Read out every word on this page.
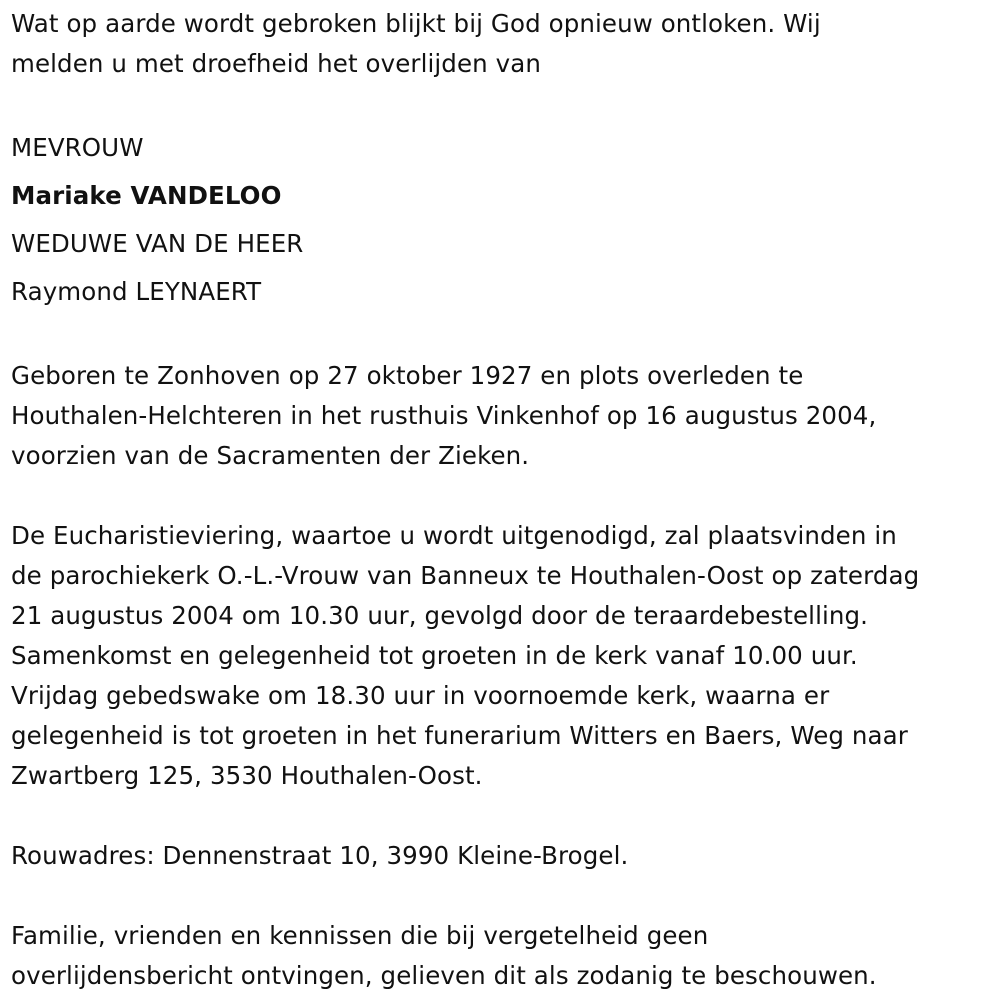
Wat op aarde wordt gebroken blijkt bij God opnieuw ontloken. Wij
melden u met droefheid het overlijden van

MEVROUW
Mariake VANDELOO
WEDUWE VAN DE HEER
Raymond LEYNAERT

Geboren te Zonhoven op 27 oktober 1927 en plots overleden te
Houthalen-Helchteren in het rusthuis Vinkenhof op 16 augustus 2004,
voorzien van de Sacramenten der Zieken.

De Eucharistieviering, waartoe u wordt uitgenodigd, zal plaatsvinden in
de parochiekerk O.-L.-Vrouw van Banneux te Houthalen-Oost op zaterdag
21 augustus 2004 om 10.30 uur, gevolgd door de teraardebestelling.
Samenkomst en gelegenheid tot groeten in de kerk vanaf 10.00 uur.
Vrijdag gebedswake om 18.30 uur in voornoemde kerk, waarna er
gelegenheid is tot groeten in het funerarium Witters en Baers, Weg naar
Zwartberg 125, 3530 Houthalen-Oost.

Rouwadres: Dennenstraat 10, 3990 Kleine-Brogel.

Familie, vrienden en kennissen die bij vergetelheid geen
overlijdensbericht ontvingen, gelieven dit als zodanig te beschouwen.
